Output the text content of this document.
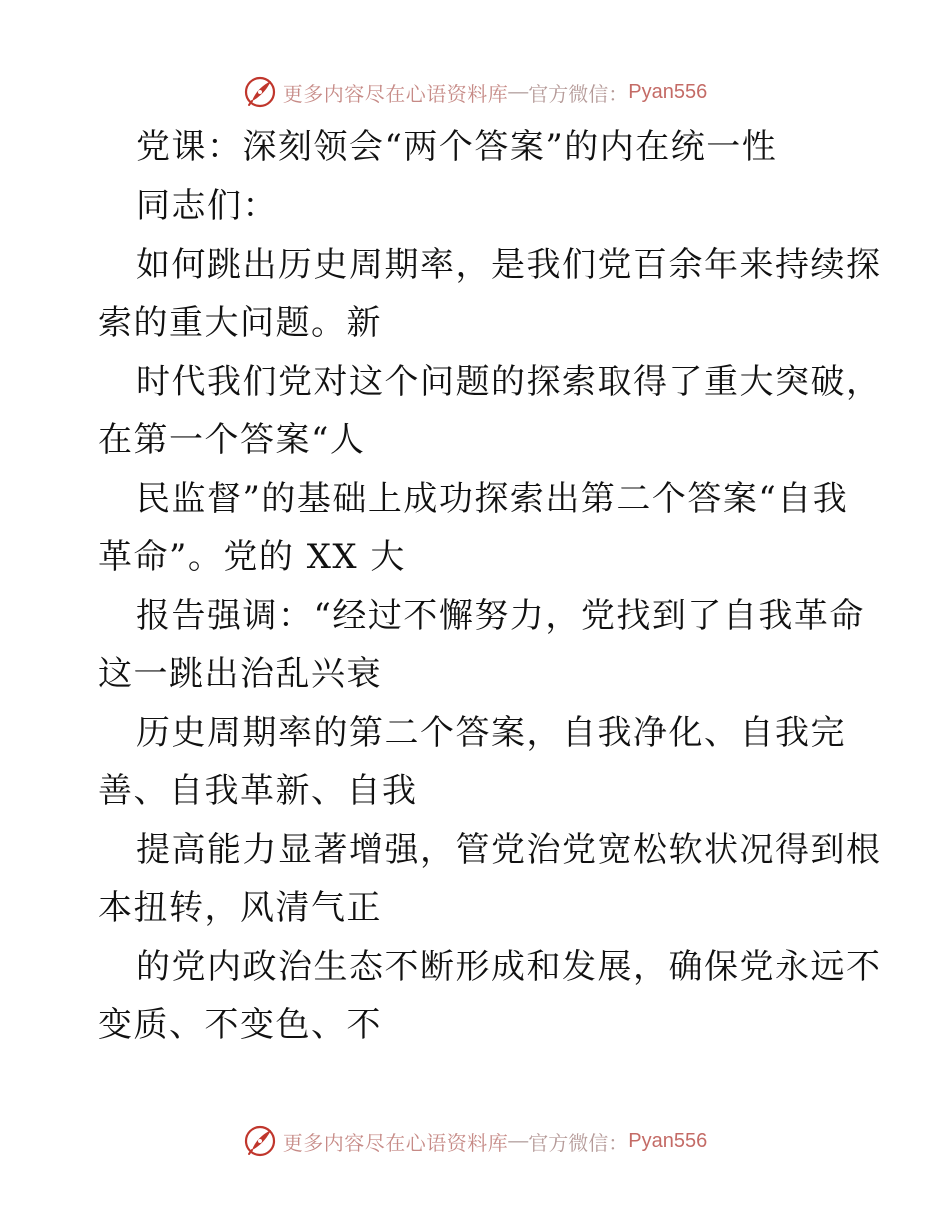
更多内容尽在心语资料库 — 官方微信： Pyan556
党课：深刻领会“两个答案”的内在统一性
同志们：
如何跳出历史周期率，是我们党百余年来持续探
索的重大问题。新
时代我们党对这个问题的探索取得了重大突破，
在第一个答案“人
民监督”的基础上成功探索出第二个答案“自我
革命”。党的 XX 大
报告强调：“经过不懈努力，党找到了自我革命
这一跳出治乱兴衰
历史周期率的第二个答案，自我净化、自我完
善、自我革新、自我
提高能力显著增强，管党治党宽松软状况得到根
本扭转，风清气正
的党内政治生态不断形成和发展，确保党永远不
变质、不变色、不
更多内容尽在心语资料库 — 官方微信： Pyan556
